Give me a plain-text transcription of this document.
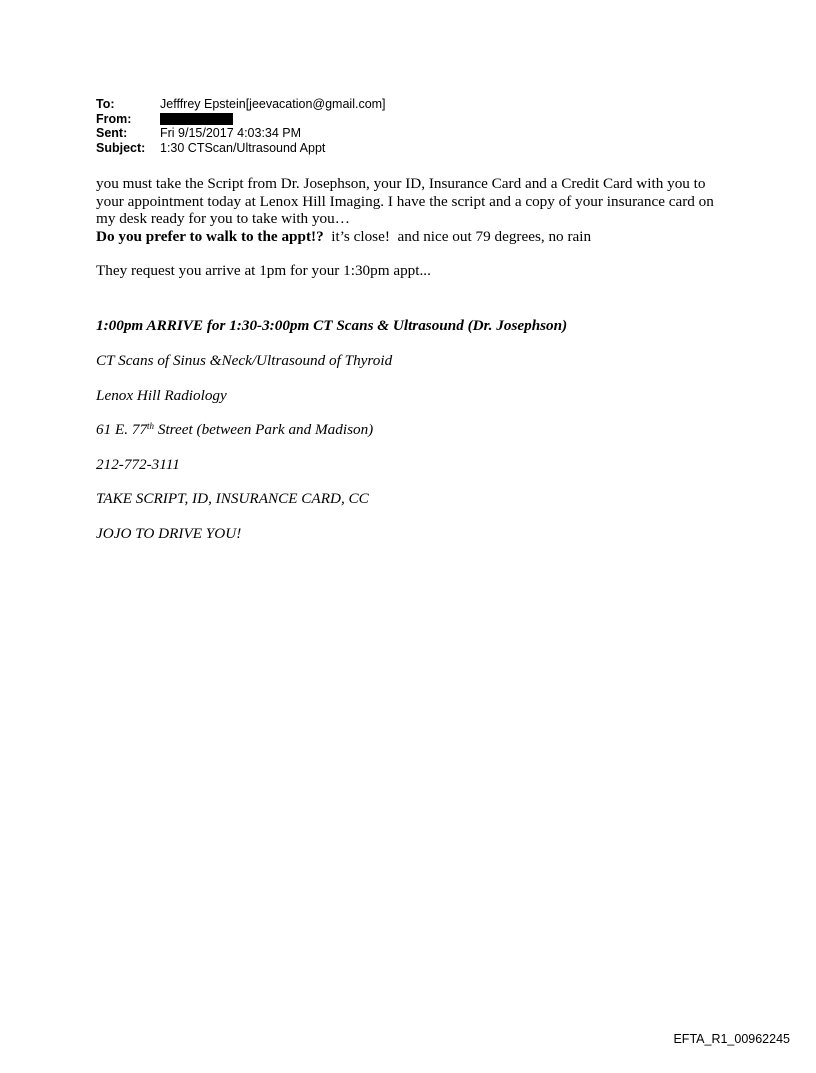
To:	Jefffrey Epstein[jeevacation@gmail.com]
From:
Sent:	Fri 9/15/2017 4:03:34 PM
Subject:	1:30 CTScan/Ultrasound Appt

you must take the Script from Dr. Josephson, your ID, Insurance Card and a Credit Card with you to your appointment today at Lenox Hill Imaging. I have the script and a copy of your insurance card on my desk ready for you to take with you…

Do you prefer to walk to the appt!?  it’s close!  and nice out 79 degrees, no rain

They request you arrive at 1pm for your 1:30pm appt...

1:00pm ARRIVE for 1:30-3:00pm CT Scans & Ultrasound (Dr. Josephson)
CT Scans of Sinus &Neck/Ultrasound of Thyroid
Lenox Hill Radiology
61 E. 77th Street (between Park and Madison)
212-772-3111
TAKE SCRIPT, ID, INSURANCE CARD, CC
JOJO TO DRIVE YOU!
EFTA_R1_00962245
